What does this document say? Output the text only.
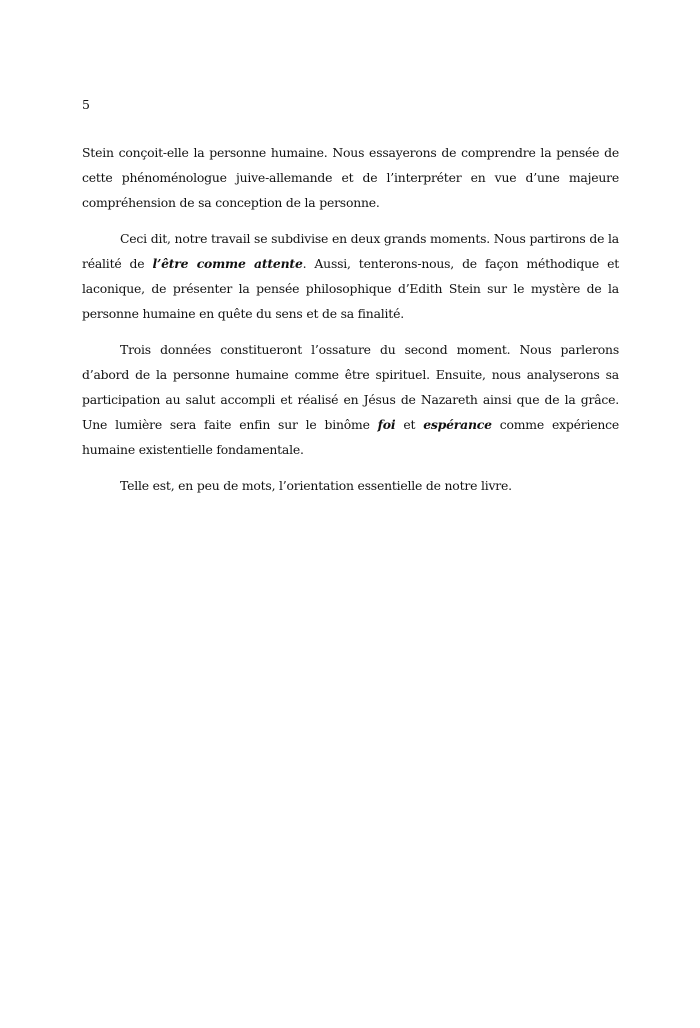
5

Stein conçoit-elle la personne humaine. Nous essayerons de comprendre la pensée de cette phénoménologue juive-allemande et de l’interpréter en vue d’une majeure compréhension de sa conception de la personne.

Ceci dit, notre travail se subdivise en deux grands moments. Nous partirons de la réalité de l’être comme attente. Aussi, tenterons-nous, de façon méthodique et laconique, de présenter la pensée philosophique d’Edith Stein sur le mystère de la personne humaine en quête du sens et de sa finalité.

Trois données constitueront l’ossature du second moment. Nous parlerons d’abord de la personne humaine comme être spirituel. Ensuite, nous analyserons sa participation au salut accompli et réalisé en Jésus de Nazareth ainsi que de la grâce. Une lumière sera faite enfin sur le binôme foi et espérance comme expérience humaine existentielle fondamentale.

Telle est, en peu de mots, l’orientation essentielle de notre livre.
